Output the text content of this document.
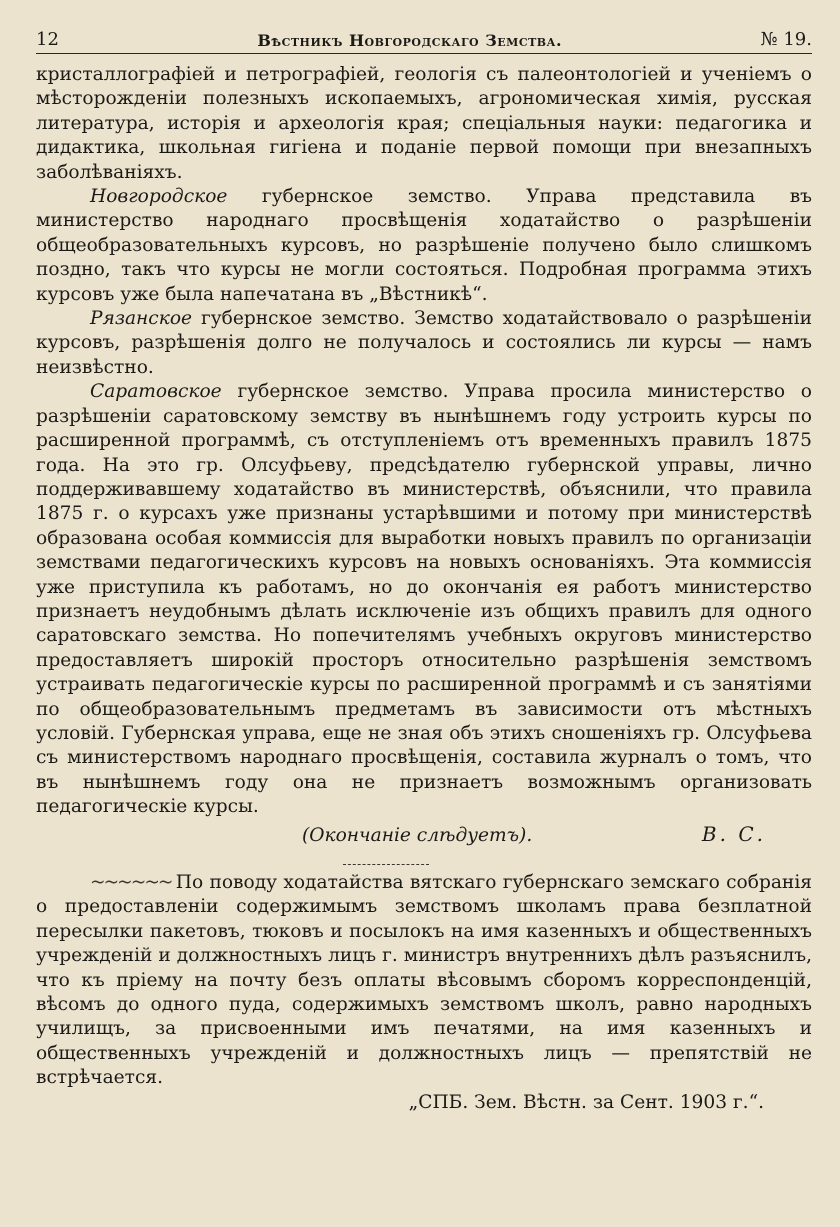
12	Вѣстникъ Новгородскаго Земства.	№ 19.

кристаллографіей и петрографіей, геологія съ палеонтологіей и ученіемъ о мѣсторожденіи полезныхъ ископаемыхъ, агрономическая химія, русская литература, исторія и археологія края; спеціальныя науки: педагогика и дидактика, школьная гигіена и поданіе первой помощи при внезапныхъ заболѣваніяхъ.

Новгородское губернское земство. Управа представила въ министерство народнаго просвѣщенія ходатайство о разрѣшеніи общеобразовательныхъ курсовъ, но разрѣшеніе получено было слишкомъ поздно, такъ что курсы не могли состояться. Подробная программа этихъ курсовъ уже была напечатана въ „Вѣстникѣ“.

Рязанское губернское земство. Земство ходатайствовало о разрѣшеніи курсовъ, разрѣшенія долго не получалось и состоялись ли курсы — намъ неизвѣстно.

Саратовское губернское земство. Управа просила министерство о разрѣшеніи саратовскому земству въ нынѣшнемъ году устроить курсы по расширенной программѣ, съ отступленіемъ отъ временныхъ правилъ 1875 года. На это гр. Олсуфьеву, предсѣдателю губернской управы, лично поддерживавшему ходатайство въ министерствѣ, объяснили, что правила 1875 г. о курсахъ уже признаны устарѣвшими и потому при министерствѣ образована особая коммиссія для выработки новыхъ правилъ по организаціи земствами педагогическихъ курсовъ на новыхъ основаніяхъ. Эта коммиссія уже приступила къ работамъ, но до окончанія ея работъ министерство признаетъ неудобнымъ дѣлать исключеніе изъ общихъ правилъ для одного саратовскаго земства. Но попечителямъ учебныхъ округовъ министерство предоставляетъ широкій просторъ относительно разрѣшенія земствомъ устраивать педагогическіе курсы по расширенной программѣ и съ занятіями по общеобразовательнымъ предметамъ въ зависимости отъ мѣстныхъ условій. Губернская управа, еще не зная объ этихъ сношеніяхъ гр. Олсуфьева съ министерствомъ народнаго просвѣщенія, составила журналъ о томъ, что въ нынѣшнемъ году она не признаетъ возможнымъ организовать педагогическіе курсы.

(Окончаніе слѣдуетъ).	В. С.

~~~~~~ По поводу ходатайства вятскаго губернскаго земскаго собранія о предоставленіи содержимымъ земствомъ школамъ права безплатной пересылки пакетовъ, тюковъ и посылокъ на имя казенныхъ и общественныхъ учрежденій и должностныхъ лицъ г. министръ внутреннихъ дѣлъ разъяснилъ, что къ пріему на почту безъ оплаты вѣсовымъ сборомъ корреспонденцій, вѣсомъ до одного пуда, содержимыхъ земствомъ школъ, равно народныхъ училищъ, за присвоенными имъ печатями, на имя казенныхъ и общественныхъ учрежденій и должностныхъ лицъ — препятствій не встрѣчается.

„СПБ. Зем. Вѣстн. за Сент. 1903 г.“.
